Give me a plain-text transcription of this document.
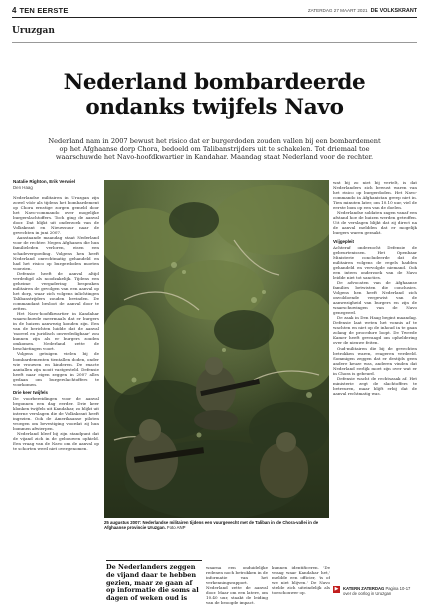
4 TEN EERSTE	ZATERDAG 27 MAART 2021 DE VOLKSKRANT
Uruzgan
Nederland bombardeerde ondanks twijfels Navo

Nederland nam in 2007 bewust het risico dat er burgerdoden zouden vallen bij een bombardement op het Afghaanse dorp Chora, bedoeld om Talibanstrijders uit te schakelen. Tot driemaal toe waarschuwde het Navo-hoofdkwartier in Kandahar. Maandag staat Nederland voor de rechter.

Natalie Righton, Erik Verwiel
Den Haag

Nederlandse militairen in Uruzgan zijn zowel vóór als tijdens het bombardement op Chora ernstige zorgen gemeld door het Navo-commando over mogelijke burgerslachtoffers. Toch ging de aanval door. Dat blijkt uit onderzoek van de Volkskrant en Nieuwsuur naar de gevechten in juni 2007.

Aanstaande maandag staat Nederland voor de rechter. Negen Afghanen die hun familieleden verloren, eisen een schadevergoeding. Volgens hen heeft Nederland onrechtmatig gehandeld en had het risico op burgerdoden moeten voorzien.

Defensie heeft de aanval altijd verdedigd als noodzakelijk. Tijdens een geheime vergadering bespraken militairen de gevolgen van een aanval op het dorp, waar zich volgens inlichtingen Talibanstrijders zouden bevinden. De commandant besloot de aanval door te zetten.

Het Navo-hoofdkwartier in Kandahar waarschuwde meermaals dat er burgers in de huizen aanwezig konden zijn. Een van de berichten luidde dat de aanval 'moreel en juridisch onverdedigbaar' zou kunnen zijn als er burgers zouden omkomen. Nederland zette de beschietingen voort.

Volgens getuigen vielen bij de bombardementen tientallen doden, onder wie vrouwen en kinderen. De exacte aantallen zijn nooit vastgesteld. Defensie heeft naar eigen zeggen in 2007 alles gedaan om burgerslachtoffers te voorkomen.

Drie keer twijfels

De voorbereidingen voor de aanval begonnen een dag eerder. Drie keer klonken twijfels uit Kandahar, zo blijkt uit interne verslagen die de Volkskrant heeft ingezien. Ook de Amerikaanse piloten vroegen om bevestiging voordat zij hun bommen afwierpen.

Nederland bleef bij zijn standpunt dat de vijand zich in de gebouwen ophield. Een vraag van de Navo om de aanval op te schorten werd niet overgenomen.

25 augustus 2007: Nederlandse militairen tijdens een vuurgevecht met de Taliban in de Chora-vallei in de Afghaanse provincie Uruzgan. Foto ANP
De Nederlanders zeggen de vijand daar te hebben gezien, maar ze gaan af op informatie die soms al dagen of weken oud is

waarna een onduidelijke redenen noch betrokken in de informatie van het verkenningsrapport. Nederland zette de aanval door. Maar om een latere, om 10.40 uur, staakt de leiding van de beoogde impact.

kunnen identificeren. 'De vraag waar Kandahar het,' meldde een officier, 'is of we niet blijven.' De Navo stelde zich uiteindelijk als toeschouwer op.

wat bij zo niet bij vertelt, is dat Nederlanders zich bewust waren van het risico op burgerdoden. Het Navo-commando in Afghanistan greep niet in. Tien minuten later, om 10.10 uur, viel de eerste bom op een van de doelen.

Nederlandse soldaten zagen vanaf een afstand hoe de huizen werden getroffen. Uit de verslagen blijkt dat zij direct na de aanval meldden dat er mogelijk burgers waren geraakt.

Vrijgepleit

Achteraf onderzocht Defensie de gebeurtenissen. Het Openbaar Ministerie concludeerde dat de militairen volgens de regels hadden gehandeld en vervolgde niemand. Ook een intern onderzoek van de Navo leidde niet tot sancties.

De advocaten van de Afghaanse families betwisten die conclusies. Volgens hen heeft Nederland zich onvoldoende vergewist van de aanwezigheid van burgers en zijn de waarschuwingen van de Navo genegeerd.

De zaak in Den Haag begint maandag. Defensie laat weten het vonnis af te wachten en niet op de inhoud in te gaan zolang de procedure loopt. De Tweede Kamer heeft gevraagd om opheldering over de nieuwe feiten.

Oud-militairen die bij de gevechten betrokken waren, reageren verdeeld. Sommigen zeggen dat er destijds geen andere keuze was, anderen vinden dat Nederland eerlijk moet zijn over wat er in Chora is gebeurd.

Defensie wacht de rechtszaak af. Het ministerie zegt de slachtoffers te betreuren, maar blijft erbij dat de aanval rechtmatig was.

▶	KATERN ZATERDAG Pagina 10-17 over de oorlog in Uruzgan
